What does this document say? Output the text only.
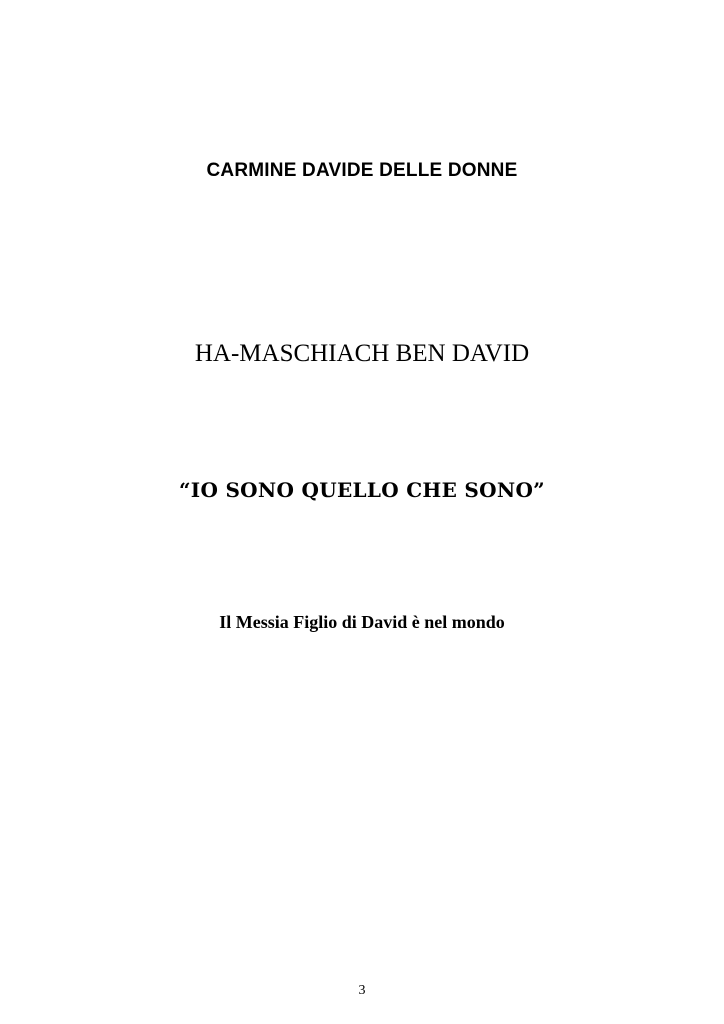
CARMINE DAVIDE DELLE DONNE
HA-MASCHIACH BEN DAVID
“IO SONO QUELLO CHE SONO”
Il Messia Figlio di David è nel mondo
3
